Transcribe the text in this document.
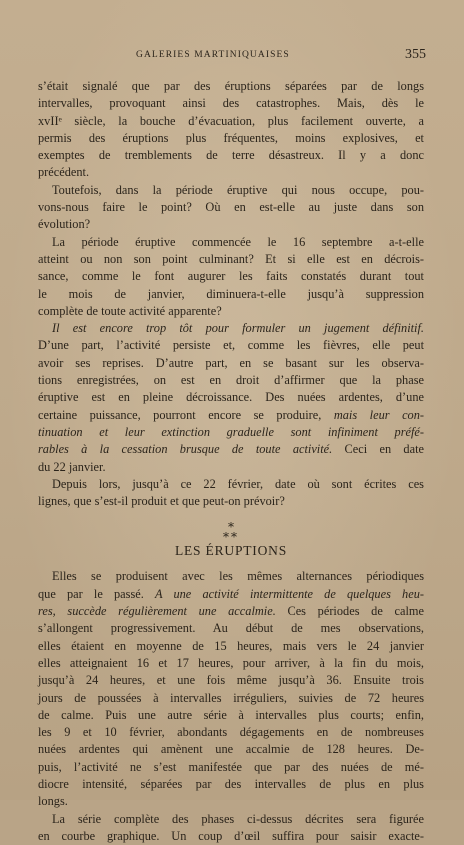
GALERIES MARTINIQUAISES	355
s’était signalé que par des éruptions séparées par de longs
intervalles, provoquant ainsi des catastrophes. Mais, dès le
xvIIᵉ siècle, la bouche d’évacuation, plus facilement ouverte, a
permis des éruptions plus fréquentes, moins explosives, et
exemptes de tremblements de terre désastreux. Il y a donc
précédent.
Toutefois, dans la période éruptive qui nous occupe, pou-
vons-nous faire le point? Où en est-elle au juste dans son
évolution?
La période éruptive commencée le 16 septembre a-t-elle
atteint ou non son point culminant? Et si elle est en décrois-
sance, comme le font augurer les faits constatés durant tout
le mois de janvier, diminuera-t-elle jusqu’à suppression
complète de toute activité apparente?
Il est encore trop tôt pour formuler un jugement définitif.
D’une part, l’activité persiste et, comme les fièvres, elle peut
avoir ses reprises. D’autre part, en se basant sur les observa-
tions enregistrées, on est en droit d’affirmer que la phase
éruptive est en pleine décroissance. Des nuées ardentes, d’une
certaine puissance, pourront encore se produire, mais leur con-
tinuation et leur extinction graduelle sont infiniment préfé-
rables à la cessation brusque de toute activité. Ceci en date
du 22 janvier.
Depuis lors, jusqu’à ce 22 février, date où sont écrites ces
lignes, que s’est-il produit et que peut-on prévoir?
*
**
LES ÉRUPTIONS
Elles se produisent avec les mêmes alternances périodiques
que par le passé. A une activité intermittente de quelques heu-
res, succède régulièrement une accalmie. Ces périodes de calme
s’allongent progressivement. Au début de mes observations,
elles étaient en moyenne de 15 heures, mais vers le 24 janvier
elles atteignaient 16 et 17 heures, pour arriver, à la fin du mois,
jusqu’à 24 heures, et une fois même jusqu’à 36. Ensuite trois
jours de poussées à intervalles irréguliers, suivies de 72 heures
de calme. Puis une autre série à intervalles plus courts; enfin,
les 9 et 10 février, abondants dégagements en de nombreuses
nuées ardentes qui amènent une accalmie de 128 heures. De-
puis, l’activité ne s’est manifestée que par des nuées de mé-
diocre intensité, séparées par des intervalles de plus en plus
longs.
La série complète des phases ci-dessus décrites sera figurée
en courbe graphique. Un coup d’œil suffira pour saisir exacte-
